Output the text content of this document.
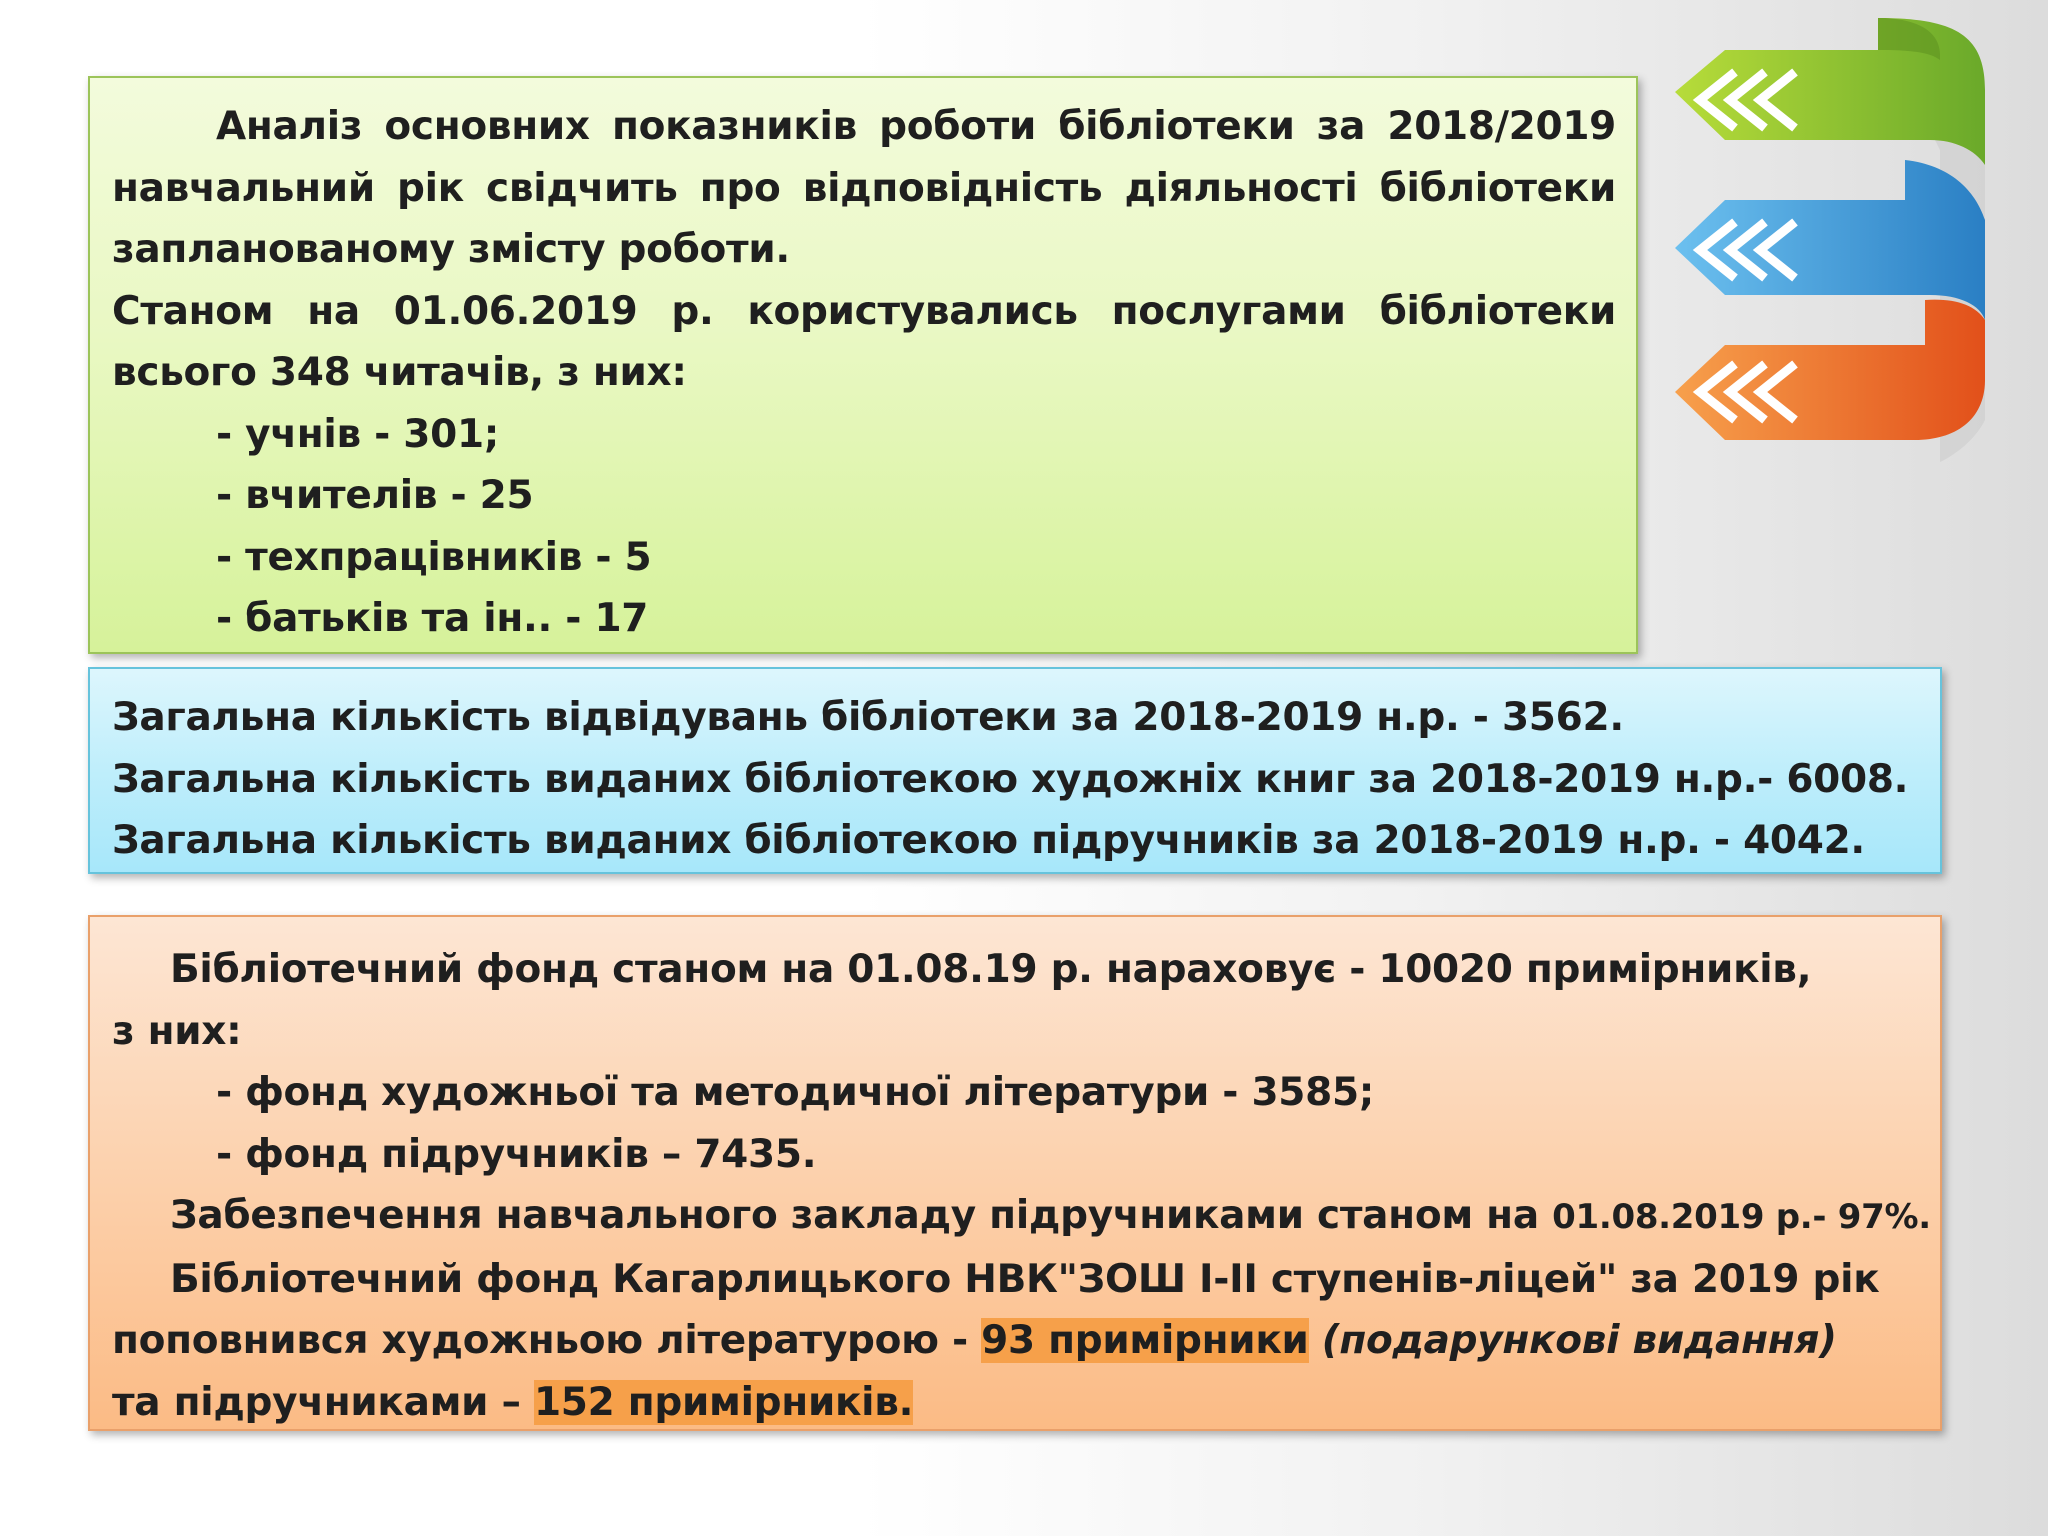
Аналіз основних показників роботи бібліотеки за 2018/2019

навчальний рік свідчить про відповідність діяльності бібліотеки

запланованому змісту роботи.

Станом на 01.06.2019 р. користувались послугами бібліотеки

всього 348 читачів, з них:

- учнів - 301;

- вчителів - 25

- техпрацівників - 5

- батьків та ін.. - 17

Загальна кількість відвідувань бібліотеки за 2018-2019 н.р. - 3562.

Загальна кількість виданих бібліотекою художніх книг за 2018-2019 н.р.- 6008.

Загальна кількість виданих бібліотекою підручників за 2018-2019 н.р. - 4042.

Бібліотечний фонд станом на 01.08.19 р. нараховує - 10020 примірників,

з них:

- фонд художньої та методичної літератури - 3585;

- фонд підручників – 7435.

Забезпечення навчального закладу підручниками станом на 01.08.2019 р.- 97%.

Бібліотечний фонд Кагарлицького НВК"ЗОШ І-ІІ ступенів-ліцей" за 2019 рік

поповнився художньою літературою - 93 примірники (подарункові видання)

та підручниками – 152 примірників.
